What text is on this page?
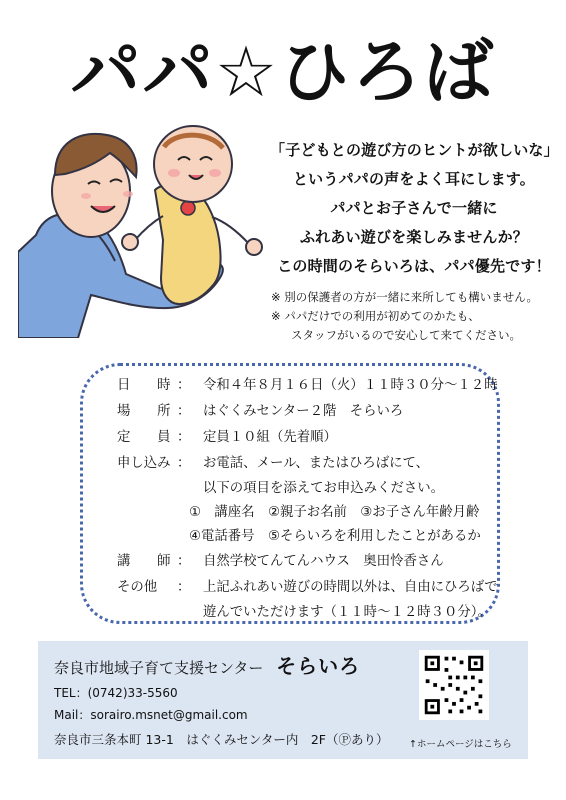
パパ☆ひろば
「子どもとの遊び方のヒントが欲しいな」
というパパの声をよく耳にします。
パパとお子さんで一緒に
ふれあい遊びを楽しみませんか？
この時間のそらいろは、パパ優先です！
※ 別の保護者の方が一緒に来所しても構いません。
※ パパだけでの利用が初めてのかたも、
スタッフがいるので安心して来てください。
日　　時 ： 令和４年８月１６日（火）１１時３０分～１２時
場　　所 ： はぐくみセンター２階　そらいろ
定　　員 ： 定員１０組（先着順）
申し込み ： お電話、メール、またはひろばにて、
以下の項目を添えてお申込みください。
①　講座名　②親子お名前　③お子さん年齢月齢
④電話番号　⑤そらいろを利用したことがあるか
講　　師 ： 自然学校てんてんハウス　奥田怜香さん
その他	： 上記ふれあい遊びの時間以外は、自由にひろばで
遊んでいただけます（１１時～１２時３０分）。
奈良市地域子育て支援センター そらいろ
TEL：(0742)33-5560
Mail：sorairo.msnet@gmail.com
奈良市三条本町 13-1　はぐくみセンター内　2F（Ⓟあり） ↑ホームページはこちら
